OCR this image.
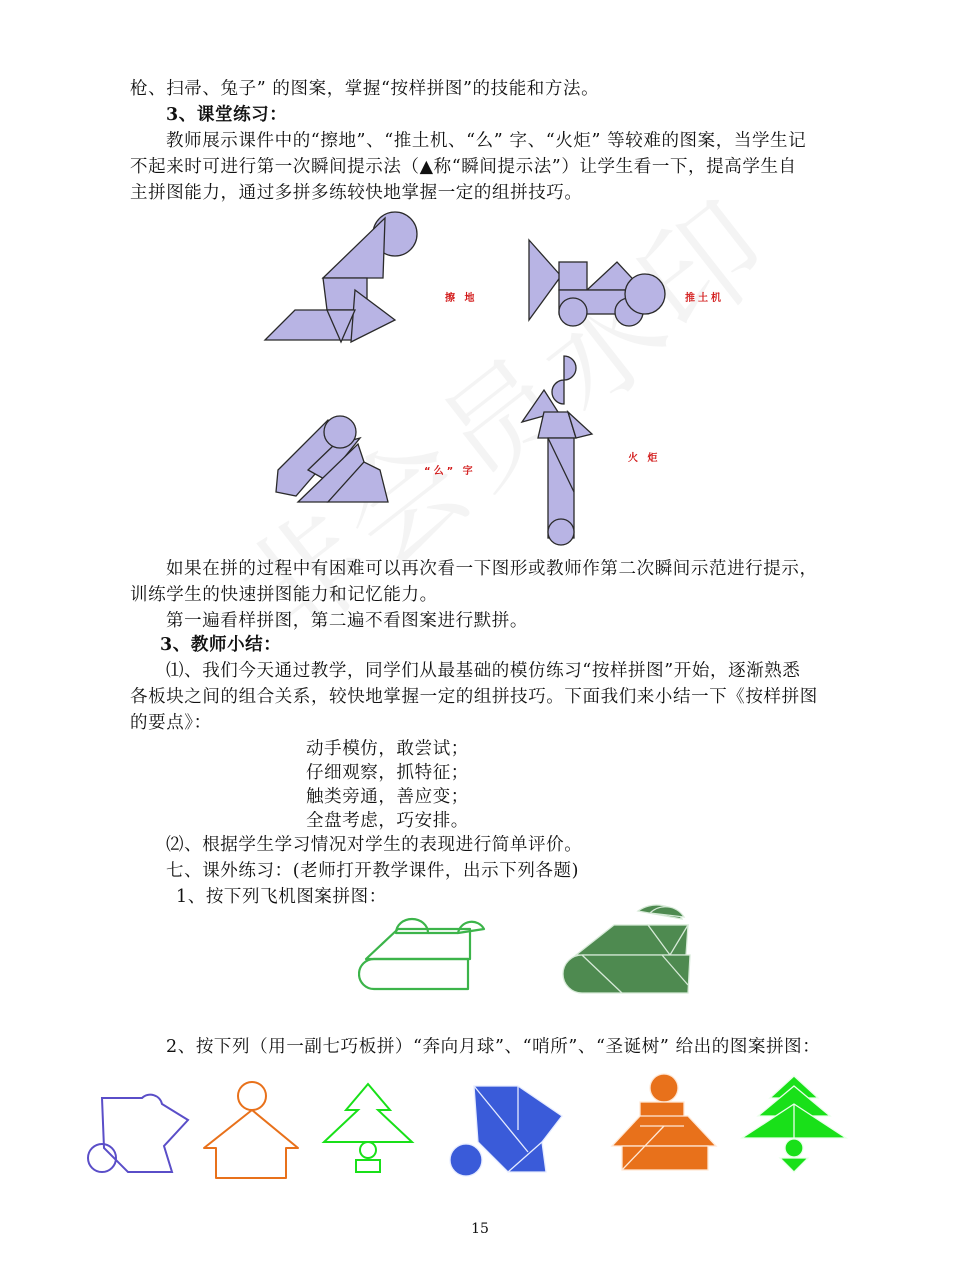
枪、扫帚、兔子” 的图案，掌握“按样拼图”的技能和方法。
3、课堂练习：
教师展示课件中的“擦地”、“推土机、“么” 字、“火炬” 等较难的图案，当学生记
不起来时可进行第一次瞬间提示法（▲称“瞬间提示法”）让学生看一下，提高学生自
主拼图能力，通过多拼多练较快地掌握一定的组拼技巧。
擦 地	推土机
“么” 字
火 炬
如果在拼的过程中有困难可以再次看一下图形或教师作第二次瞬间示范进行提示，
训练学生的快速拼图能力和记忆能力。
第一遍看样拼图，第二遍不看图案进行默拼。
3、教师小结：
⑴、我们今天通过教学，同学们从最基础的模仿练习“按样拼图”开始，逐渐熟悉
各板块之间的组合关系，较快地掌握一定的组拼技巧。下面我们来小结一下《按样拼图
的要点》：
动手模仿，敢尝试；
仔细观察，抓特征；
触类旁通，善应变；
全盘考虑，巧安排。
⑵、根据学生学习情况对学生的表现进行简单评价。
七、课外练习：(老师打开教学课件，出示下列各题)
1、按下列飞机图案拼图：
2、按下列（用一副七巧板拼）“奔向月球”、“哨所”、“圣诞树” 给出的图案拼图：
15
